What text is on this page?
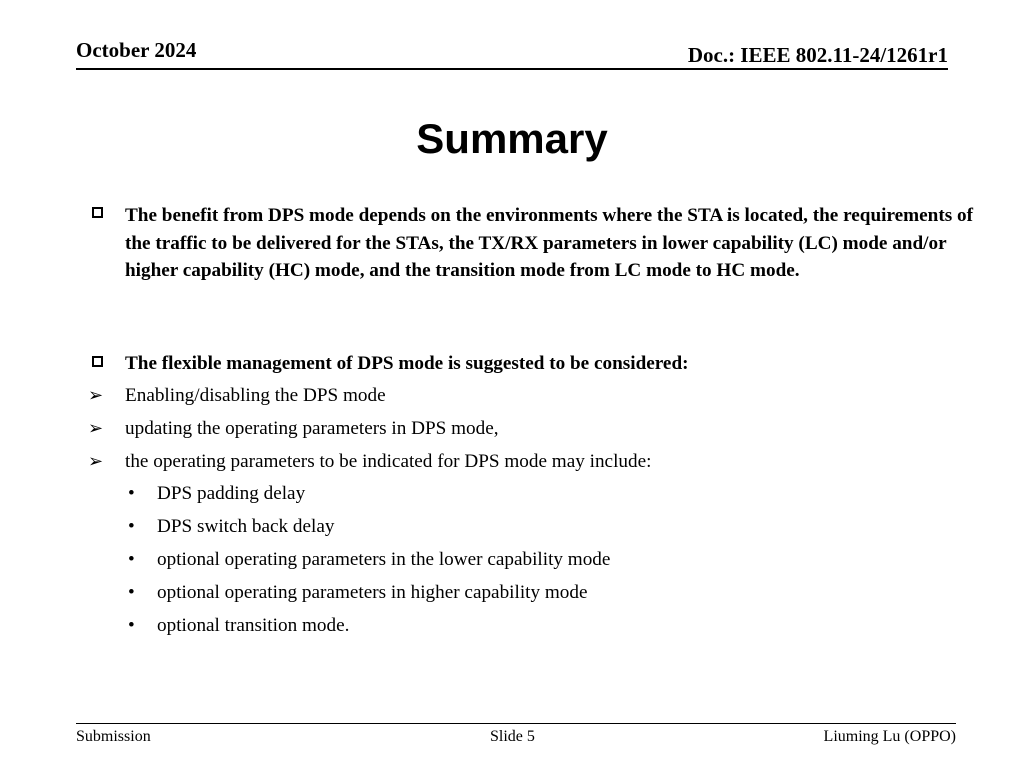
October 2024	Doc.: IEEE 802.11-24/1261r1
Summary
The benefit from DPS mode depends on the environments where the STA is located, the requirements of the traffic to be delivered for the STAs, the TX/RX parameters in lower capability (LC) mode and/or higher capability (HC) mode, and the transition mode from LC mode to HC mode.
The flexible management of DPS mode is suggested to be considered:
➢ Enabling/disabling the DPS mode
➢ updating the operating parameters in DPS mode,
➢ the operating parameters to be indicated for DPS mode may include:
• DPS padding delay
• DPS switch back delay
• optional operating parameters in the lower capability mode
• optional operating parameters in higher capability mode
• optional transition mode.
Submission	Slide 5	Liuming Lu (OPPO)
